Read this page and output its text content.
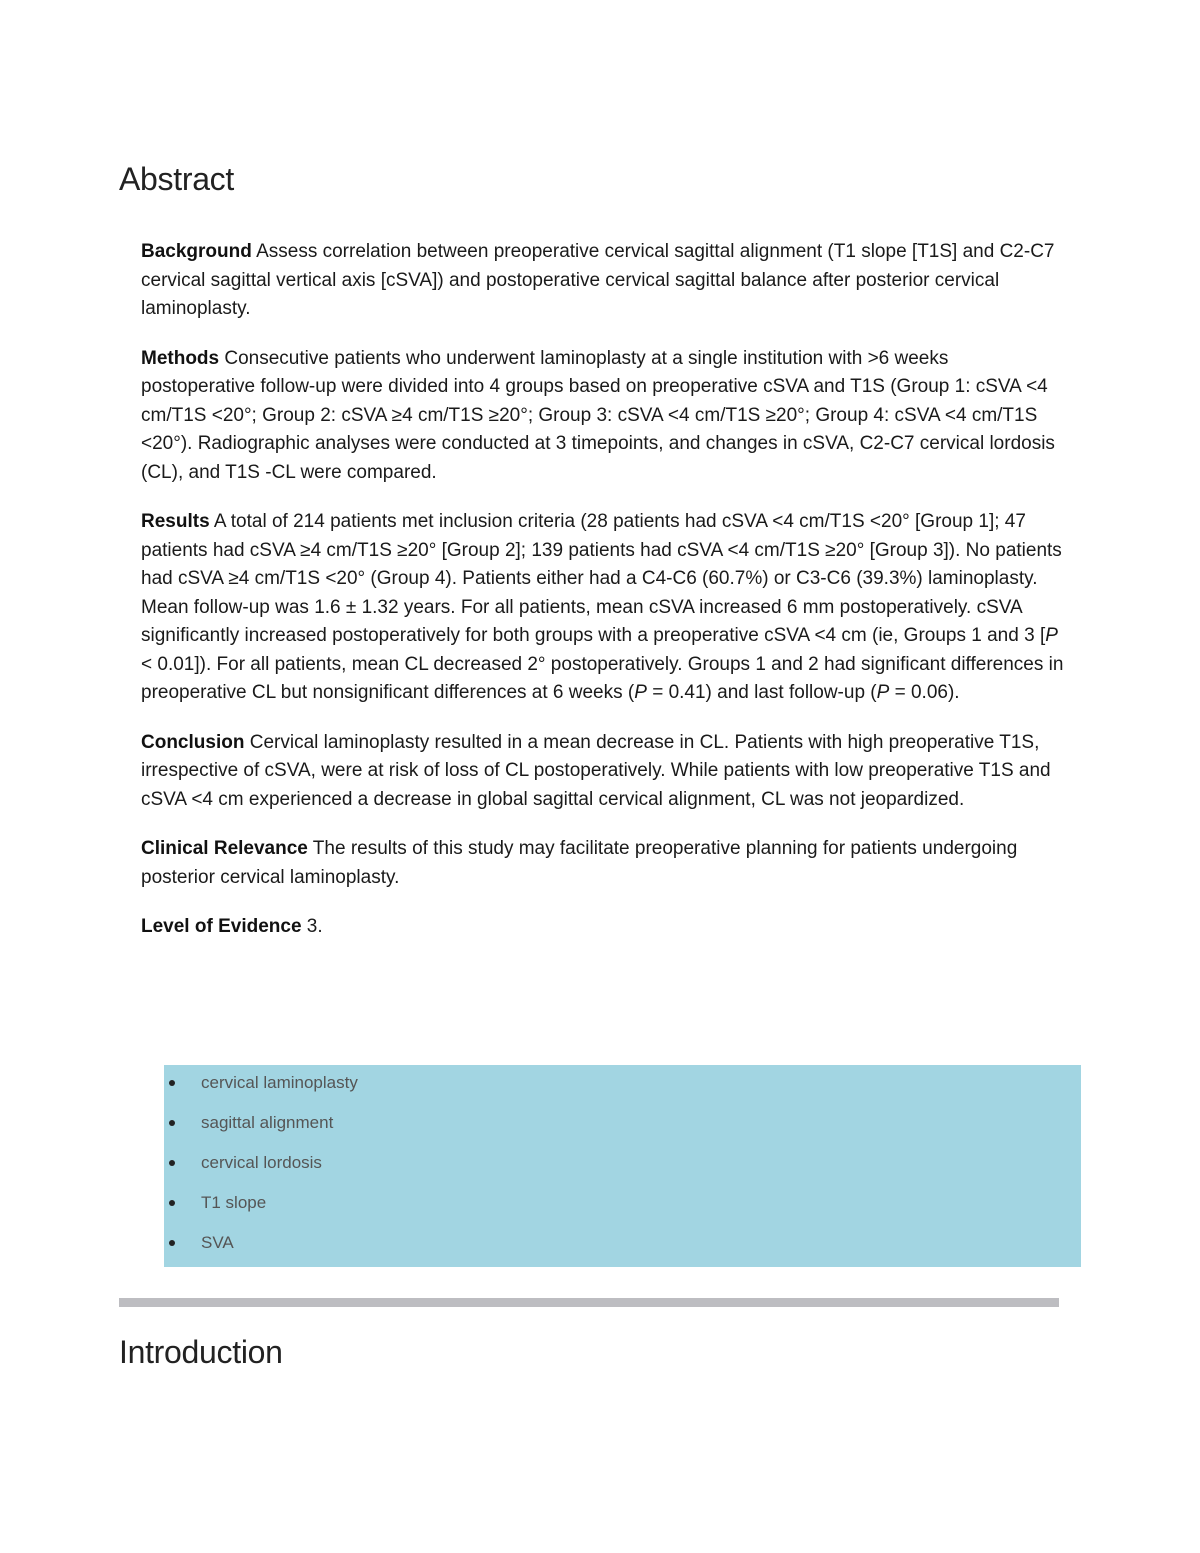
Abstract

Background Assess correlation between preoperative cervical sagittal alignment (T1 slope [T1S] and C2-C7 cervical sagittal vertical axis [cSVA]) and postoperative cervical sagittal balance after posterior cervical laminoplasty.

Methods Consecutive patients who underwent laminoplasty at a single institution with >6 weeks postoperative follow-up were divided into 4 groups based on preoperative cSVA and T1S (Group 1: cSVA <4 cm/T1S <20°; Group 2: cSVA ≥4 cm/T1S ≥20°; Group 3: cSVA <4 cm/T1S ≥20°; Group 4: cSVA <4 cm/T1S <20°). Radiographic analyses were conducted at 3 timepoints, and changes in cSVA, C2-C7 cervical lordosis (CL), and T1S -CL were compared.

Results A total of 214 patients met inclusion criteria (28 patients had cSVA <4 cm/T1S <20° [Group 1]; 47 patients had cSVA ≥4 cm/T1S ≥20° [Group 2]; 139 patients had cSVA <4 cm/T1S ≥20° [Group 3]). No patients had cSVA ≥4 cm/T1S <20° (Group 4). Patients either had a C4-C6 (60.7%) or C3-C6 (39.3%) laminoplasty. Mean follow-up was 1.6 ± 1.32 years. For all patients, mean cSVA increased 6 mm postoperatively. cSVA significantly increased postoperatively for both groups with a preoperative cSVA <4 cm (ie, Groups 1 and 3 [P < 0.01]). For all patients, mean CL decreased 2° postoperatively. Groups 1 and 2 had significant differences in preoperative CL but nonsignificant differences at 6 weeks (P = 0.41) and last follow-up (P = 0.06).

Conclusion Cervical laminoplasty resulted in a mean decrease in CL. Patients with high preoperative T1S, irrespective of cSVA, were at risk of loss of CL postoperatively. While patients with low preoperative T1S and cSVA <4 cm experienced a decrease in global sagittal cervical alignment, CL was not jeopardized.

Clinical Relevance The results of this study may facilitate preoperative planning for patients undergoing posterior cervical laminoplasty.

Level of Evidence 3.

cervical laminoplasty
sagittal alignment
cervical lordosis
T1 slope
SVA
Introduction
